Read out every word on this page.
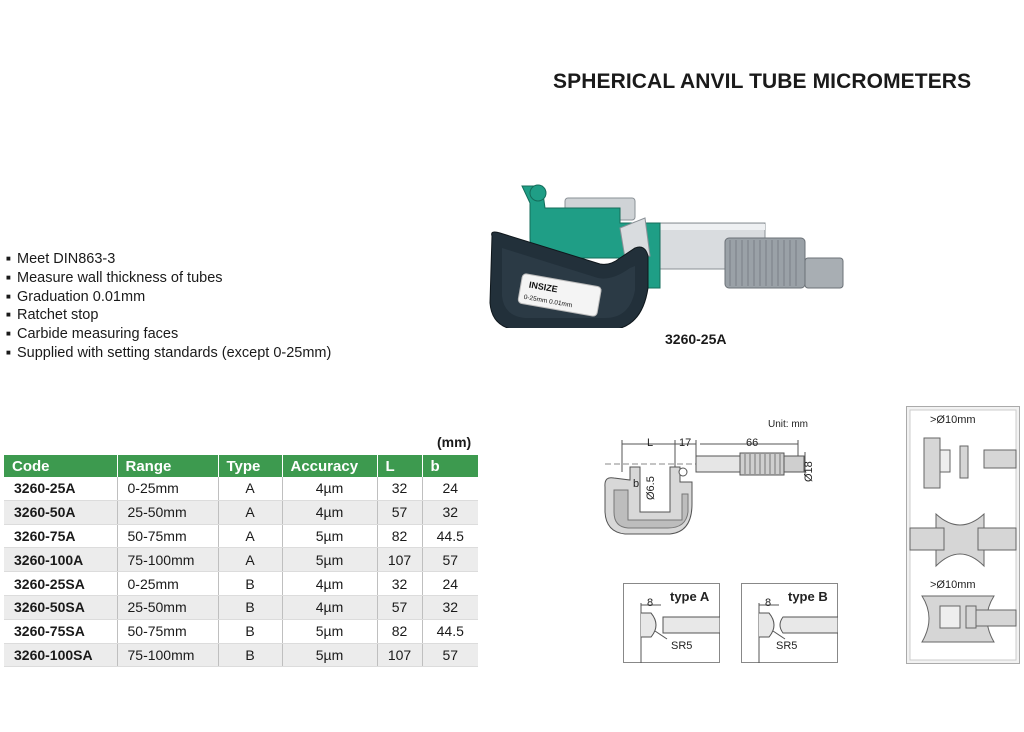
SPHERICAL ANVIL TUBE MICROMETERS
■ Meet DIN863-3
■ Measure wall thickness of tubes
■ Graduation 0.01mm
■ Ratchet stop
■ Carbide measuring faces
■ Supplied with setting standards (except 0-25mm)
INSIZE
0-25mm 0.01mm
3260-25A
(mm)
Code	Range	Type	Accuracy	L	b
3260-25A	0-25mm	A	4µm	32	24
3260-50A	25-50mm	A	4µm	57	32
3260-75A	50-75mm	A	5µm	82	44.5
3260-100A	75-100mm	A	5µm	107	57
3260-25SA	0-25mm	B	4µm	32	24
3260-50SA	25-50mm	B	4µm	57	32
3260-75SA	50-75mm	B	5µm	82	44.5
3260-100SA	75-100mm	B	5µm	107	57
Unit: mm
L 17	66
b Ø6.5
Ø18
type A
8
SR5
type B
8
SR5
>Ø10mm
>Ø10mm
